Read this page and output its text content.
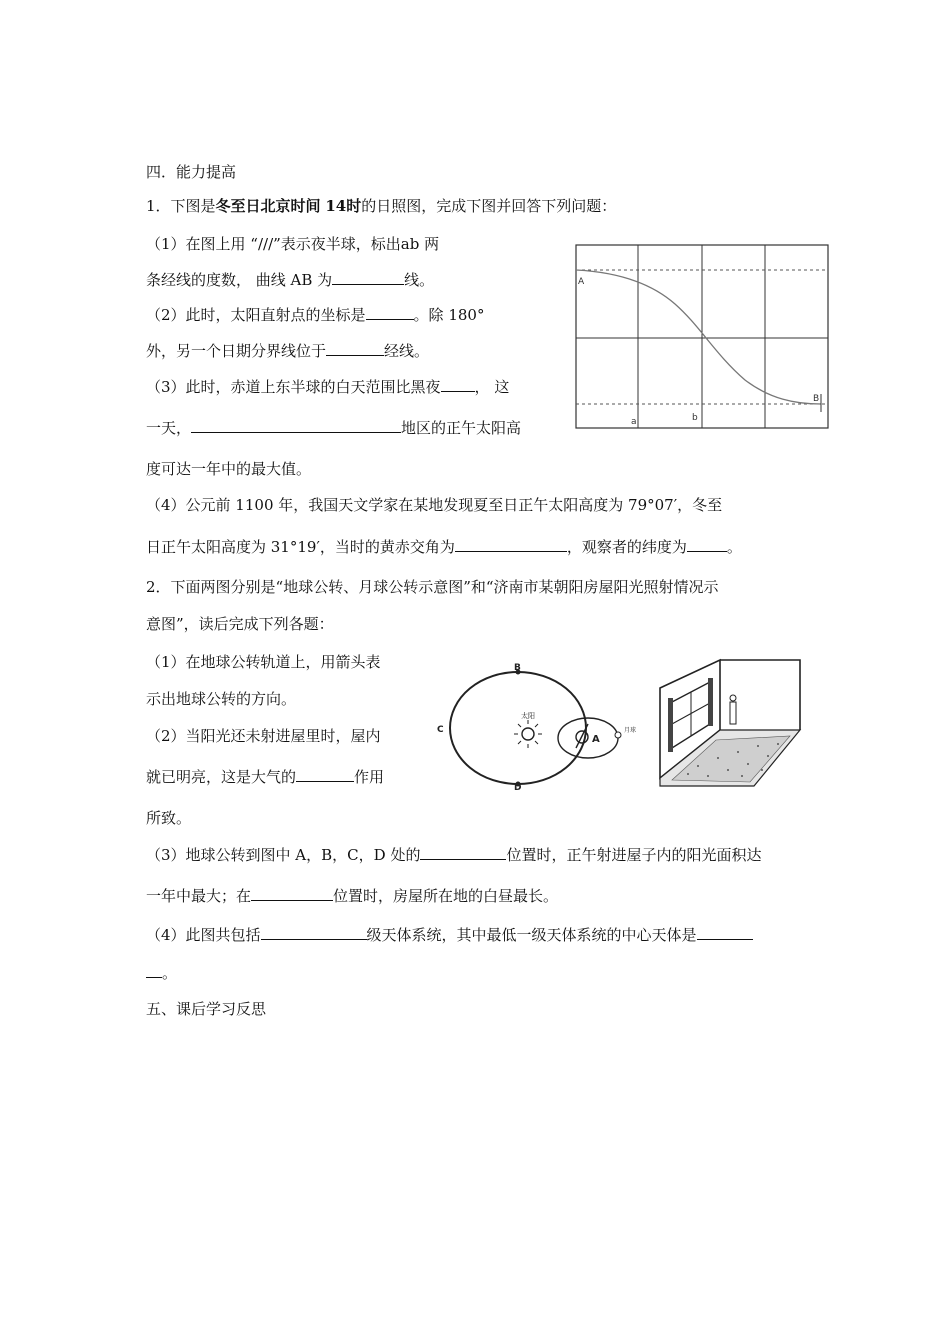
四．能力提高
1．下图是冬至日北京时间 14时的日照图，完成下图并回答下列问题：
（1）在图上用 “///”表示夜半球，标出ab 两
条经线的度数， 曲线 AB 为	线。
（2）此时，太阳直射点的坐标是	。除 180°
外，另一个日期分界线位于	经线。
（3）此时，赤道上东半球的白天范围比黑夜 ， 这
一天，	地区的正午太阳高
度可达一年中的最大值。
（4）公元前 1100 年，我国天文学家在某地发现夏至日正午太阳高度为 79°07′，冬至
日正午太阳高度为 31°19′，当时的黄赤交角为	，观察者的纬度为	。
A
B
a	b
2．下面两图分别是“地球公转、月球公转示意图”和“济南市某朝阳房屋阳光照射情况示
意图”，读后完成下列各题：
（1）在地球公转轨道上，用箭头表
示出地球公转的方向。
（2）当阳光还未射进屋里时，屋内
就已明亮，这是大气的	作用
所致。
B
D
C
太阳
A
月球
（3）地球公转到图中 A，B，C，D 处的	位置时，正午射进屋子内的阳光面积达
一年中最大；在	位置时，房屋所在地的白昼最长。
（4）此图共包括	级天体系统，其中最低一级天体系统的中心天体是
。
五、课后学习反思
